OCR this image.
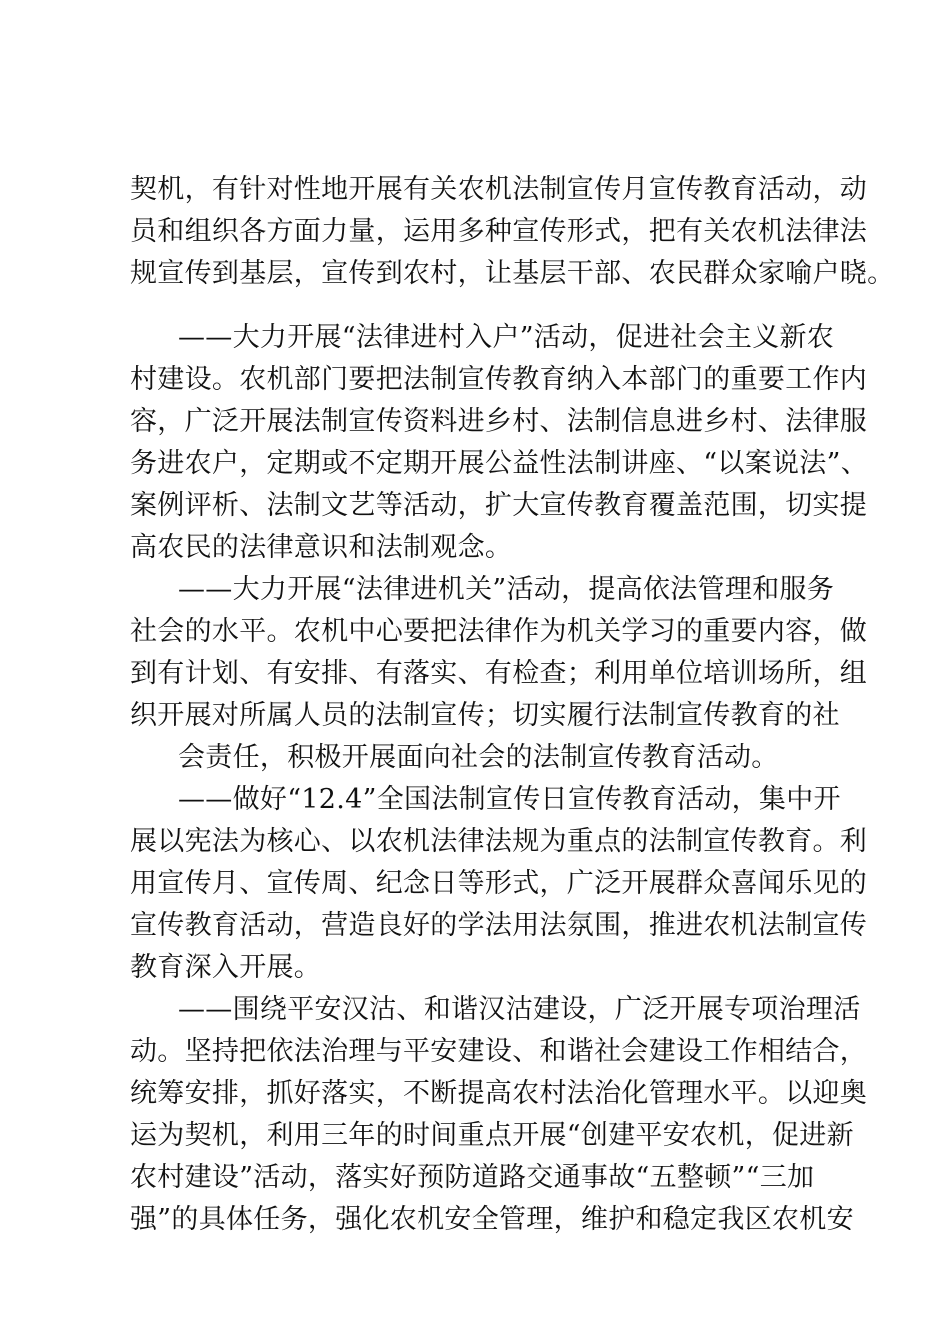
契机，有针对性地开展有关农机法制宣传月宣传教育活动，动
员和组织各方面力量，运用多种宣传形式，把有关农机法律法
规宣传到基层，宣传到农村，让基层干部、农民群众家喻户晓。
——大力开展“法律进村入户”活动，促进社会主义新农
村建设。农机部门要把法制宣传教育纳入本部门的重要工作内
容，广泛开展法制宣传资料进乡村、法制信息进乡村、法律服
务进农户，定期或不定期开展公益性法制讲座、“以案说法”、
案例评析、法制文艺等活动，扩大宣传教育覆盖范围，切实提
高农民的法律意识和法制观念。
——大力开展“法律进机关”活动，提高依法管理和服务
社会的水平。农机中心要把法律作为机关学习的重要内容，做
到有计划、有安排、有落实、有检查；利用单位培训场所，组
织开展对所属人员的法制宣传；切实履行法制宣传教育的社
会责任，积极开展面向社会的法制宣传教育活动。
——做好“12.4”全国法制宣传日宣传教育活动，集中开
展以宪法为核心、以农机法律法规为重点的法制宣传教育。利
用宣传月、宣传周、纪念日等形式，广泛开展群众喜闻乐见的
宣传教育活动，营造良好的学法用法氛围，推进农机法制宣传
教育深入开展。
——围绕平安汉沽、和谐汉沽建设，广泛开展专项治理活
动。坚持把依法治理与平安建设、和谐社会建设工作相结合，
统筹安排，抓好落实，不断提高农村法治化管理水平。以迎奥
运为契机，利用三年的时间重点开展“创建平安农机，促进新
农村建设”活动，落实好预防道路交通事故“五整顿”“三加
强”的具体任务，强化农机安全管理，维护和稳定我区农机安
